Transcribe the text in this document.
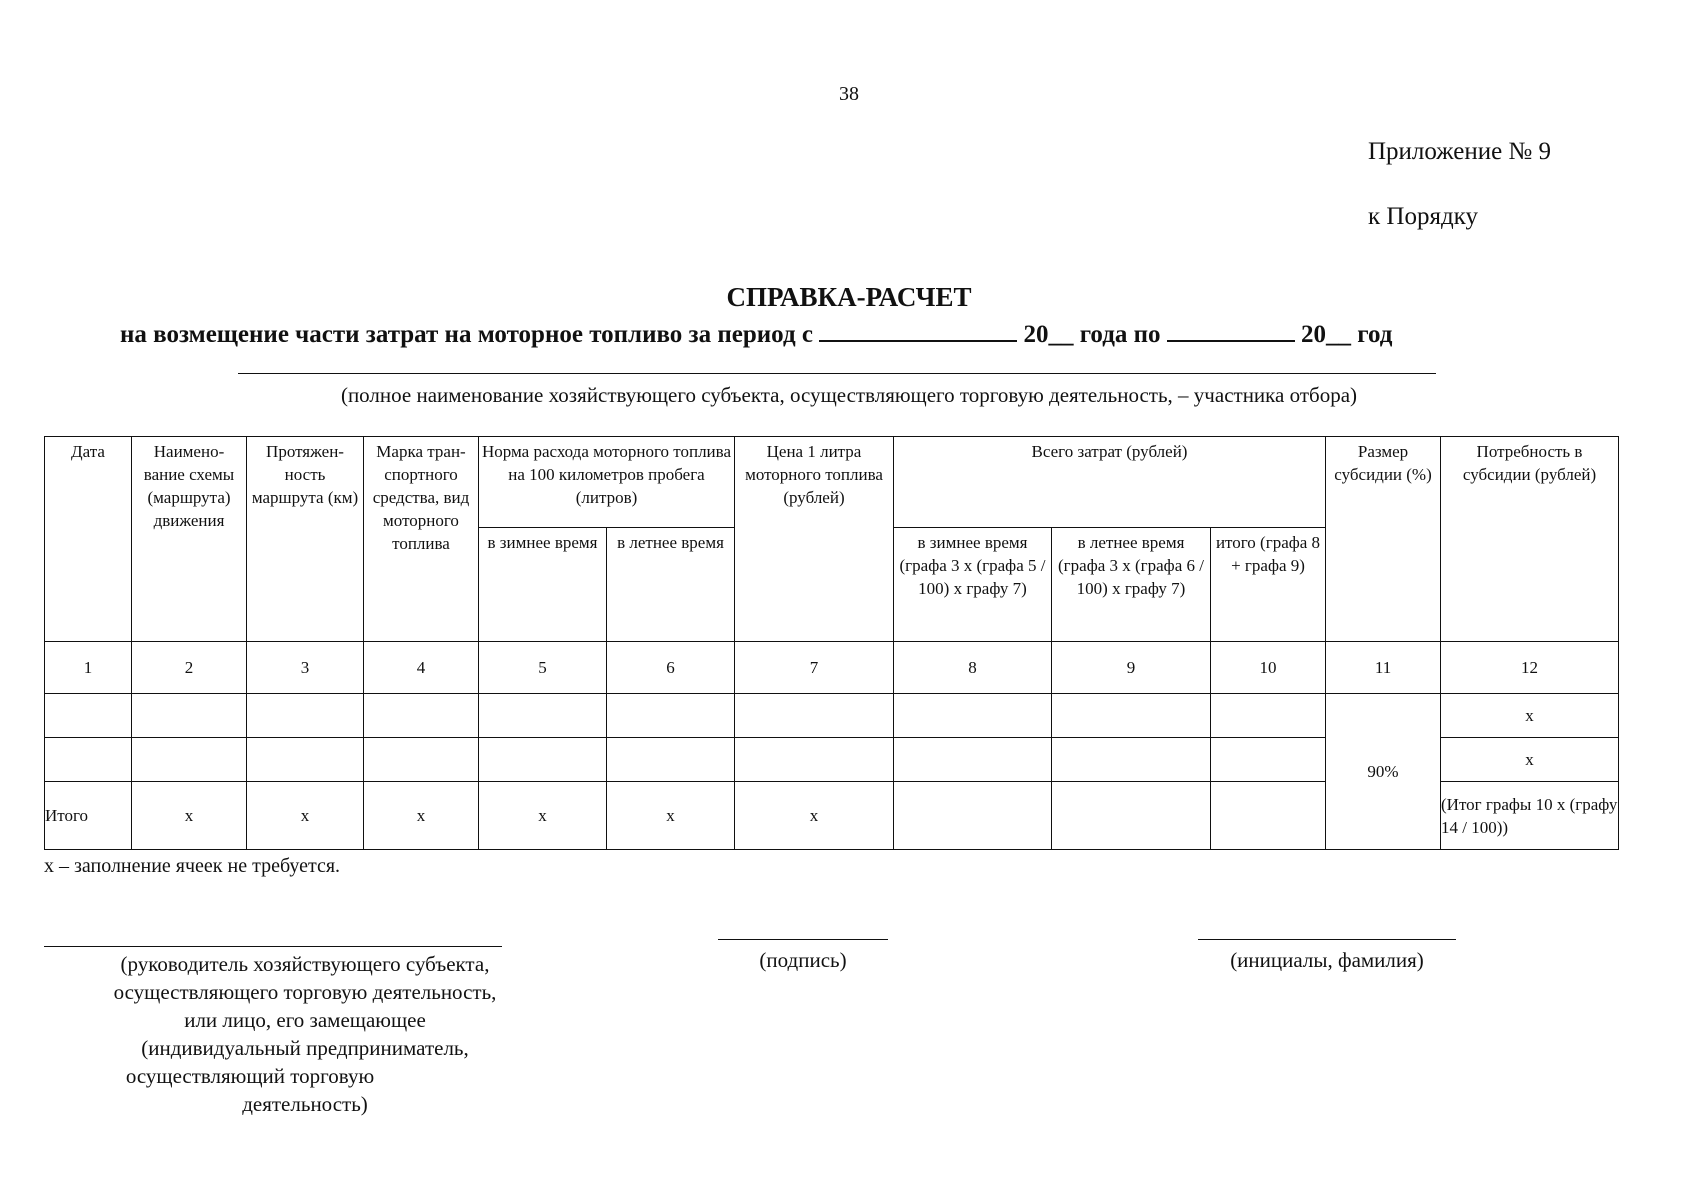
38
Приложение № 9
к Порядку
СПРАВКА-РАСЧЕТ
на возмещение части затрат на моторное топливо за период с	20__ года по	20__ год
(полное наименование хозяйствующего субъекта, осуществляющего торговую деятельность, – участника отбора)
Дата	Наимено-вание схемы (маршрута) движения	Протяжен-ность маршрута (км)	Марка тран-спортного средства, вид моторного топлива	Норма расхода моторного топлива на 100 километров пробега (литров)		Цена 1 литра моторного топлива (рублей)	Всего затрат (рублей)			Размер субсидии (%)	Потребность в субсидии (рублей)
				в зимнее время	в летнее время		в зимнее время (графа 3 х (графа 5 / 100) х графу 7)	в летнее время (графа 3 х (графа 6 / 100) х графу 7)	итого (графа 8 + графа 9)		
1	2	3	4	5	6	7	8	9	10	11	12
										90%	х
											х
Итого	х	х	х	х	х	х					(Итог графы 10 х (графу 14 / 100))
х – заполнение ячеек не требуется.
(руководитель хозяйствующего субъекта,
осуществляющего торговую деятельность,
или лицо, его замещающее
(индивидуальный предприниматель,
осуществляющий торговую
деятельность)
(подпись)	(инициалы, фамилия)
